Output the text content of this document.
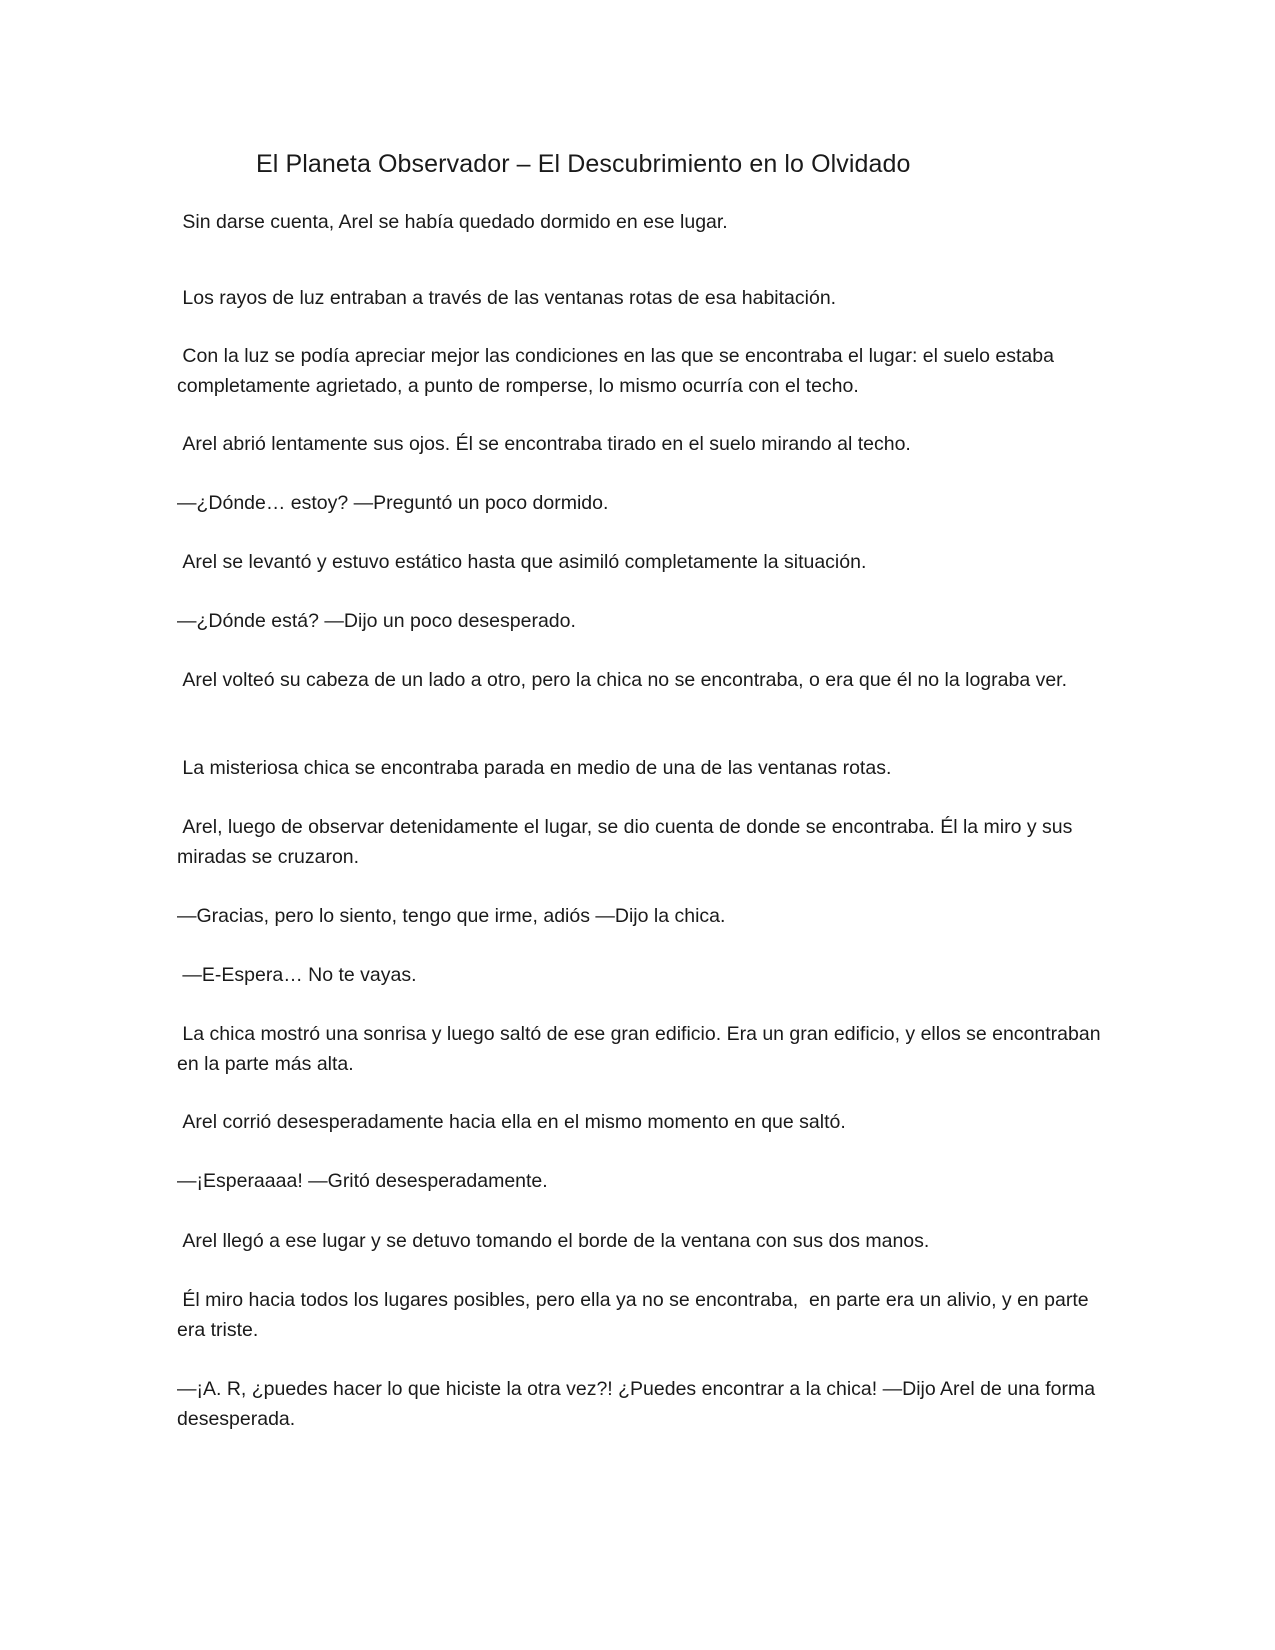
El Planeta Observador – El Descubrimiento en lo Olvidado
Sin darse cuenta, Arel se había quedado dormido en ese lugar.
Los rayos de luz entraban a través de las ventanas rotas de esa habitación.
Con la luz se podía apreciar mejor las condiciones en las que se encontraba el lugar: el suelo estaba completamente agrietado, a punto de romperse, lo mismo ocurría con el techo.
Arel abrió lentamente sus ojos. Él se encontraba tirado en el suelo mirando al techo.
—¿Dónde… estoy? —Preguntó un poco dormido.
Arel se levantó y estuvo estático hasta que asimiló completamente la situación.
—¿Dónde está? —Dijo un poco desesperado.
Arel volteó su cabeza de un lado a otro, pero la chica no se encontraba, o era que él no la lograba ver.
La misteriosa chica se encontraba parada en medio de una de las ventanas rotas.
Arel, luego de observar detenidamente el lugar, se dio cuenta de donde se encontraba. Él la miro y sus miradas se cruzaron.
—Gracias, pero lo siento, tengo que irme, adiós —Dijo la chica.
—E-Espera… No te vayas.
La chica mostró una sonrisa y luego saltó de ese gran edificio. Era un gran edificio, y ellos se encontraban en la parte más alta.
Arel corrió desesperadamente hacia ella en el mismo momento en que saltó.
—¡Esperaaaa! —Gritó desesperadamente.
Arel llegó a ese lugar y se detuvo tomando el borde de la ventana con sus dos manos.
Él miro hacia todos los lugares posibles, pero ella ya no se encontraba,  en parte era un alivio, y en parte era triste.
—¡A. R, ¿puedes hacer lo que hiciste la otra vez?! ¿Puedes encontrar a la chica! —Dijo Arel de una forma desesperada.
